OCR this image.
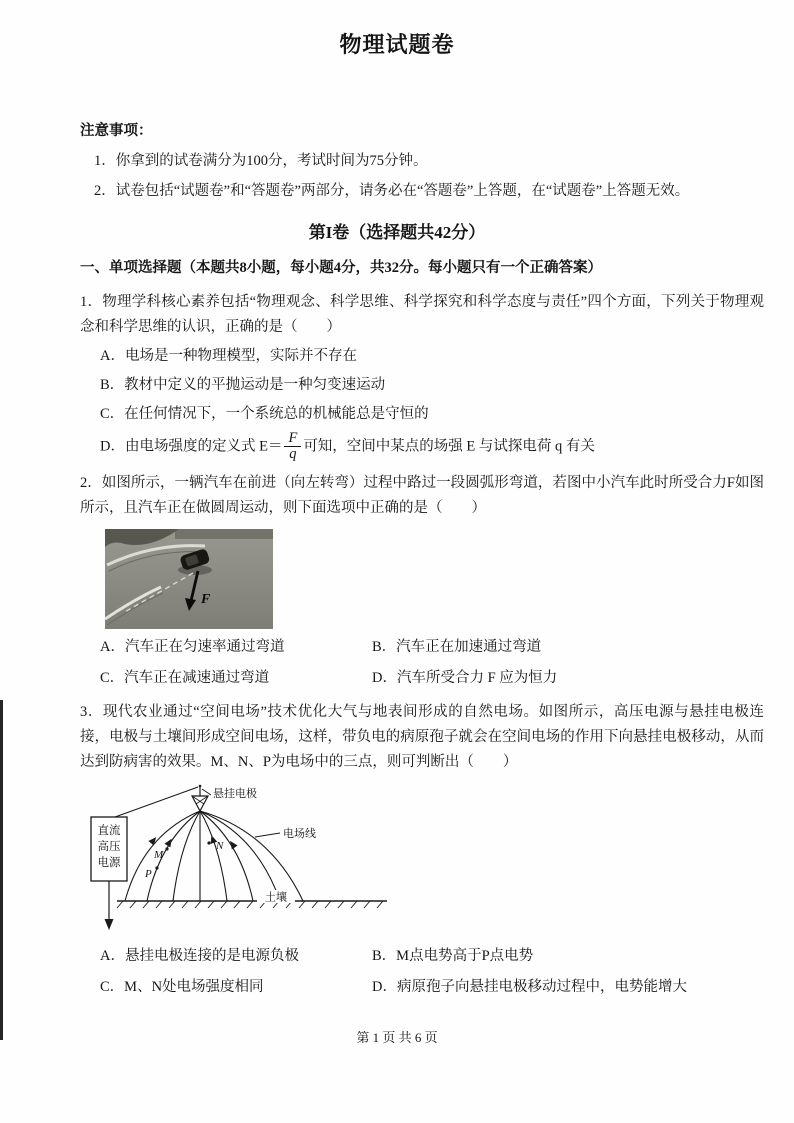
物理试题卷

注意事项：

1．你拿到的试卷满分为100分，考试时间为75分钟。

2．试卷包括“试题卷”和“答题卷”两部分，请务必在“答题卷”上答题，在“试题卷”上答题无效。

第I卷（选择题共42分）
一、单项选择题（本题共8小题，每小题4分，共32分。每小题只有一个正确答案）

1．物理学科核心素养包括“物理观念、科学思维、科学探究和科学态度与责任”四个方面，下列关于物理观念和科学思维的认识，正确的是（　　）

A．电场是一种物理模型，实际并不存在

B．教材中定义的平抛运动是一种匀变速运动

C．在任何情况下，一个系统总的机械能总是守恒的

D．由电场强度的定义式 $E= \frac{F}{q}$ 可知，空间中某点的场强 E 与试探电荷 q 有关

2．如图所示，一辆汽车在前进（向左转弯）过程中路过一段圆弧形弯道，若图中小汽车此时所受合力F如图所示，且汽车正在做圆周运动，则下面选项中正确的是（　　）

F

A．汽车正在匀速率通过弯道	B．汽车正在加速通过弯道

C．汽车正在减速通过弯道	D．汽车所受合力 F 应为恒力

3．现代农业通过“空间电场”技术优化大气与地表间形成的自然电场。如图所示，高压电源与悬挂电极连接，电极与土壤间形成空间电场，这样，带负电的病原孢子就会在空间电场的作用下向悬挂电极移动，从而达到防病害的效果。M、N、P为电场中的三点，则可判断出（　　）

悬挂电极
电场线
M
N
P
直流
高压
电源
土壤

A．悬挂电极连接的是电源负极	B．M点电势高于P点电势

C．M、N处电场强度相同	D．病原孢子向悬挂电极移动过程中，电势能增大

第 1 页 共 6 页
